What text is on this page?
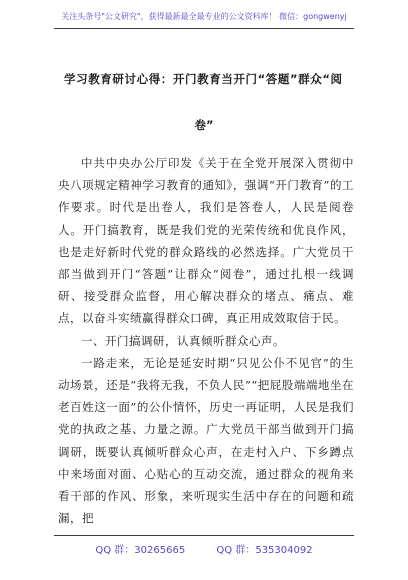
关注头条号"公文研究"，获得最新最全最专业的公文资料库！ 微信：gongwenyj
学习教育研讨心得：开门教育当开门“答题”群众“阅
卷”

中共中央办公厅印发《关于在全党开展深入贯彻中央八项规定精神学习教育的通知》，强调“开门教育”的工作要求。时代是出卷人，我们是答卷人，人民是阅卷人。开门搞教育，既是我们党的光荣传统和优良作风，也是走好新时代党的群众路线的必然选择。广大党员干部当做到开门“答题”让群众“阅卷”，通过扎根一线调研、接受群众监督，用心解决群众的堵点、痛点、难点，以奋斗实绩赢得群众口碑，真正用成效取信于民。

一、开门搞调研，认真倾听群众心声。

一路走来，无论是延安时期“只见公仆不见官”的生动场景，还是“我将无我，不负人民”“把屁股端端地坐在老百姓这一面”的公仆情怀，历史一再证明，人民是我们党的执政之基、力量之源。广大党员干部当做到开门搞调研，既要认真倾听群众心声，在走村入户、下乡蹲点中来场面对面、心贴心的互动交流，通过群众的视角来看干部的作风、形象，来听现实生活中存在的问题和疏漏，把

QQ 群：30265665	QQ 群：535304092
